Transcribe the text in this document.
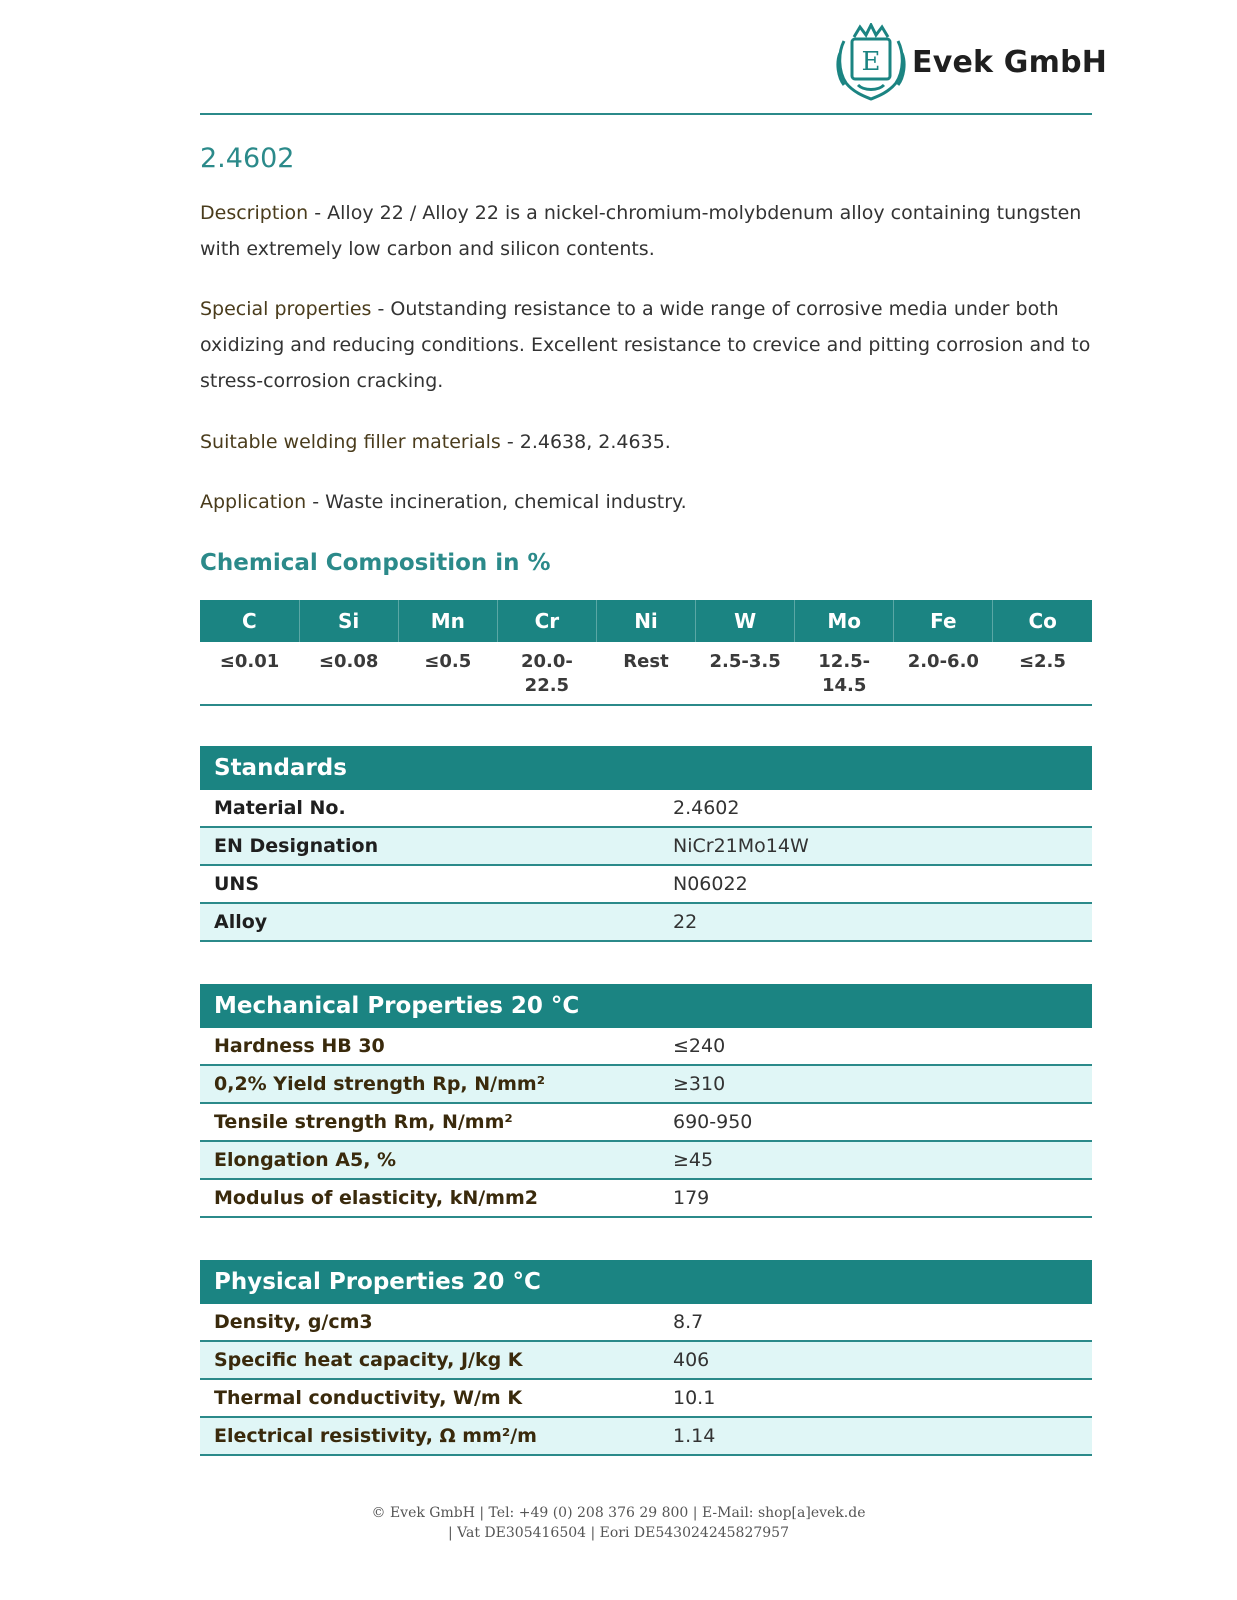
E Evek GmbH
2.4602
Description - Alloy 22 / Alloy 22 is a nickel-chromium-molybdenum alloy containing tungsten with extremely low carbon and silicon contents.
Special properties - Outstanding resistance to a wide range of corrosive media under both oxidizing and reducing conditions. Excellent resistance to crevice and pitting corrosion and to stress-corrosion cracking.
Suitable welding filler materials - 2.4638, 2.4635.
Application - Waste incineration, chemical industry.
Chemical Composition in %
C	Si	Mn	Cr	Ni	W	Mo	Fe	Co
≤0.01	≤0.08	≤0.5	20.0-22.5	Rest	2.5-3.5	12.5-14.5	2.0-6.0	≤2.5
Standards	
Material No.	2.4602
EN Designation	NiCr21Mo14W
UNS	N06022
Alloy	22
Mechanical Properties 20 °C	
Hardness HB 30	≤240
0,2% Yield strength Rp, N/mm²	≥310
Tensile strength Rm, N/mm²	690-950
Elongation A5, %	≥45
Modulus of elasticity, kN/mm2	179
Physical Properties 20 °C	
Density, g/cm3	8.7
Specific heat capacity, J/kg K	406
Thermal conductivity, W/m K	10.1
Electrical resistivity, Ω mm²/m	1.14
© Evek GmbH | Tel: +49 (0) 208 376 29 800 | E-Mail: shop[a]evek.de
| Vat DE305416504 | Eori DE543024245827957
